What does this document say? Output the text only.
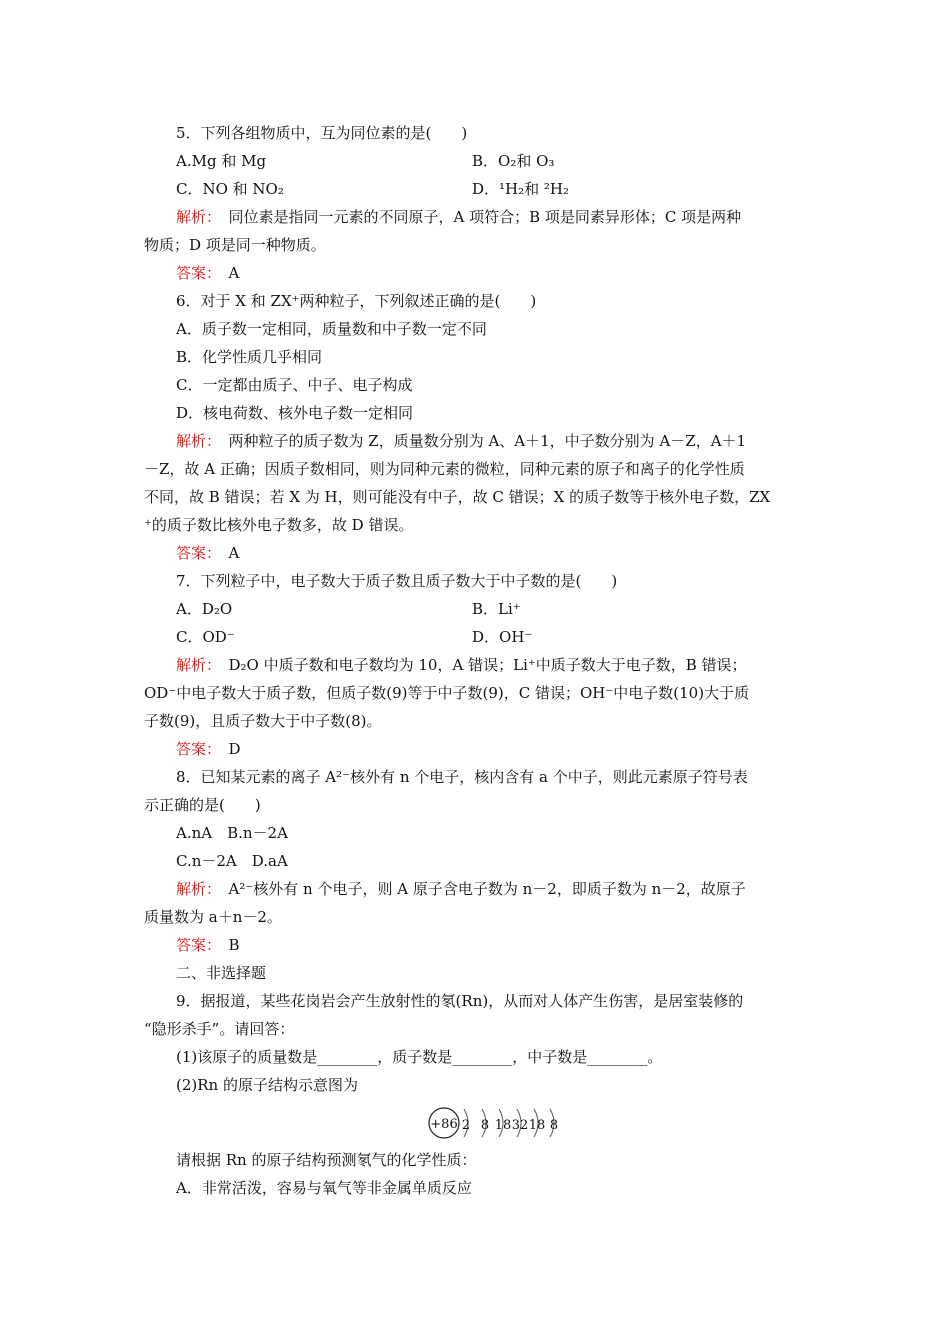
5．下列各组物质中，互为同位素的是(　　)
A.Mg 和 Mg	B．O₂和 O₃
C．NO 和 NO₂	D．¹H₂和 ²H₂
解析：　同位素是指同一元素的不同原子，A 项符合；B 项是同素异形体；C 项是两种
物质；D 项是同一种物质。
答案：　A
6．对于 X 和 ZX⁺两种粒子，下列叙述正确的是(　　)
A．质子数一定相同，质量数和中子数一定不同
B．化学性质几乎相同
C．一定都由质子、中子、电子构成
D．核电荷数、核外电子数一定相同
解析：　两种粒子的质子数为 Z，质量数分别为 A、A＋1，中子数分别为 A－Z，A＋1
－Z，故 A 正确；因质子数相同，则为同种元素的微粒，同种元素的原子和离子的化学性质
不同，故 B 错误；若 X 为 H，则可能没有中子，故 C 错误；X 的质子数等于核外电子数，ZX
⁺的质子数比核外电子数多，故 D 错误。
答案：　A
7．下列粒子中，电子数大于质子数且质子数大于中子数的是(　　)
A．D₂O	B．Li⁺
C．OD⁻	D．OH⁻
解析：　D₂O 中质子数和电子数均为 10，A 错误；Li⁺中质子数大于电子数，B 错误；
OD⁻中电子数大于质子数，但质子数(9)等于中子数(9)，C 错误；OH⁻中电子数(10)大于质
子数(9)，且质子数大于中子数(8)。
答案：　D
8．已知某元素的离子 A²⁻核外有 n 个电子，核内含有 a 个中子，则此元素原子符号表
示正确的是(　　)
A.nA　B.n－2A
C.n－2A　D.aA
解析：　A²⁻核外有 n 个电子，则 A 原子含电子数为 n－2，即质子数为 n－2，故原子
质量数为 a＋n－2。
答案：　B
二、非选择题
9．据报道，某些花岗岩会产生放射性的氡(Rn)，从而对人体产生伤害，是居室装修的
“隐形杀手”。请回答：
(1)该原子的质量数是________，质子数是________，中子数是________。
(2)Rn 的原子结构示意图为
+86 2 8 18 32 18 8
请根据 Rn 的原子结构预测氡气的化学性质：
A．非常活泼，容易与氧气等非金属单质反应
